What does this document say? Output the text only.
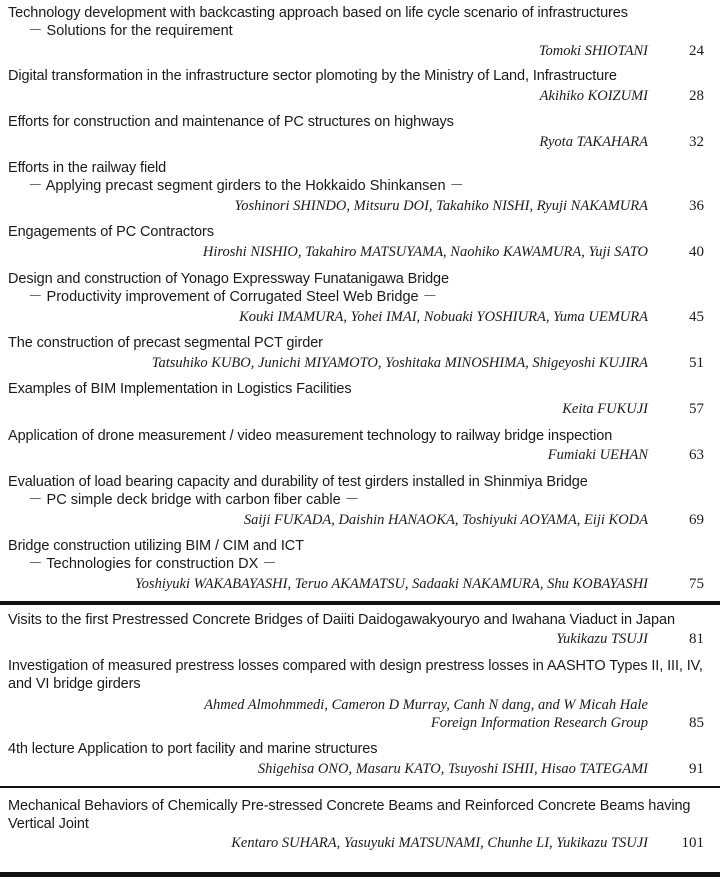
Technology development with backcasting approach based on life cycle scenario of infrastructures
－ Solutions for the requirement
Tomoki SHIOTANI	24
Digital transformation in the infrastructure sector plomoting by the Ministry of Land, Infrastructure
Akihiko KOIZUMI	28
Efforts for construction and maintenance of PC structures on highways
Ryota TAKAHARA	32
Efforts in the railway field
－ Applying precast segment girders to the Hokkaido Shinkansen －
Yoshinori SHINDO, Mitsuru DOI, Takahiko NISHI, Ryuji NAKAMURA	36
Engagements of PC Contractors
Hiroshi NISHIO, Takahiro MATSUYAMA, Naohiko KAWAMURA, Yuji SATO	40
Design and construction of Yonago Expressway Funatanigawa Bridge
－ Productivity improvement of Corrugated Steel Web Bridge －
Kouki IMAMURA, Yohei IMAI, Nobuaki YOSHIURA, Yuma UEMURA	45
The construction of precast segmental PCT girder
Tatsuhiko KUBO, Junichi MIYAMOTO, Yoshitaka MINOSHIMA, Shigeyoshi KUJIRA	51
Examples of BIM Implementation in Logistics Facilities
Keita FUKUJI	57
Application of drone measurement / video measurement technology to railway bridge inspection
Fumiaki UEHAN	63
Evaluation of load bearing capacity and durability of test girders installed in Shinmiya Bridge
－ PC simple deck bridge with carbon fiber cable －
Saiji FUKADA, Daishin HANAOKA, Toshiyuki AOYAMA, Eiji KODA	69
Bridge construction utilizing BIM / CIM and ICT
－ Technologies for construction DX －
Yoshiyuki WAKABAYASHI, Teruo AKAMATSU, Sadaaki NAKAMURA, Shu KOBAYASHI	75
Visits to the first Prestressed Concrete Bridges of Daiiti Daidogawakyouryo and Iwahana Viaduct in Japan
Yukikazu TSUJI	81
Investigation of measured prestress losses compared with design prestress losses in AASHTO Types II, III, IV, and VI bridge girders
Ahmed Almohmmedi, Cameron D Murray, Canh N dang, and W Micah Hale
Foreign Information Research Group	85
4th lecture Application to port facility and marine structures
Shigehisa ONO, Masaru KATO, Tsuyoshi ISHII, Hisao TATEGAMI	91
Mechanical Behaviors of Chemically Pre-stressed Concrete Beams and Reinforced Concrete Beams having Vertical Joint
Kentaro SUHARA, Yasuyuki MATSUNAMI, Chunhe LI, Yukikazu TSUJI	101
